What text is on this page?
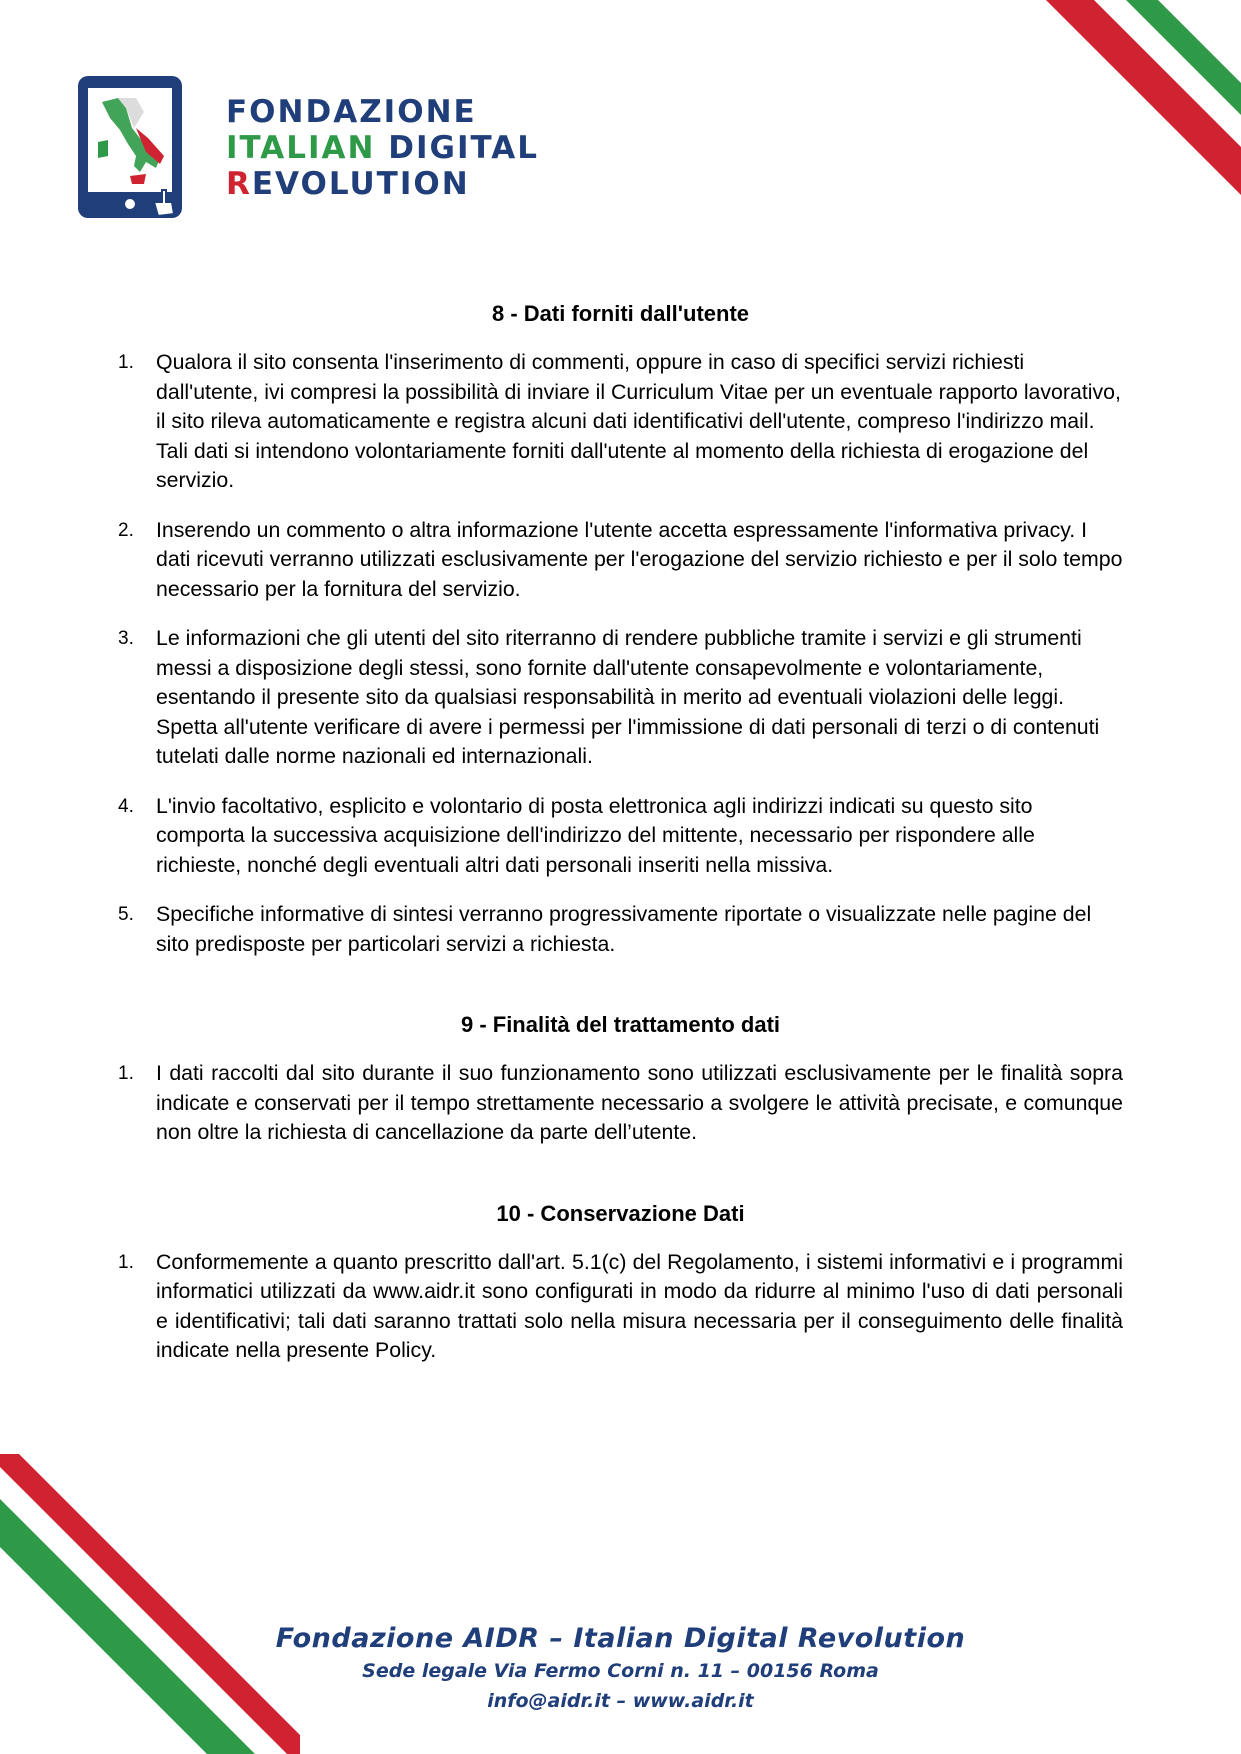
FONDAZIONE
ITALIAN DIGITAL
REVOLUTION
8 - Dati forniti dall'utente
1.	Qualora il sito consenta l'inserimento di commenti, oppure in caso di specifici servizi richiesti dall'utente, ivi compresi la possibilità di inviare il Curriculum Vitae per un eventuale rapporto lavorativo, il sito rileva automaticamente e registra alcuni dati identificativi dell'utente, compreso l'indirizzo mail. Tali dati si intendono volontariamente forniti dall'utente al momento della richiesta di erogazione del servizio.
2.	Inserendo un commento o altra informazione l'utente accetta espressamente l'informativa privacy. I dati ricevuti verranno utilizzati esclusivamente per l'erogazione del servizio richiesto e per il solo tempo necessario per la fornitura del servizio.
3.	Le informazioni che gli utenti del sito riterranno di rendere pubbliche tramite i servizi e gli strumenti messi a disposizione degli stessi, sono fornite dall'utente consapevolmente e volontariamente, esentando il presente sito da qualsiasi responsabilità in merito ad eventuali violazioni delle leggi. Spetta all'utente verificare di avere i permessi per l'immissione di dati personali di terzi o di contenuti tutelati dalle norme nazionali ed internazionali.
4.	L'invio facoltativo, esplicito e volontario di posta elettronica agli indirizzi indicati su questo sito comporta la successiva acquisizione dell'indirizzo del mittente, necessario per rispondere alle richieste, nonché degli eventuali altri dati personali inseriti nella missiva.
5.	Specifiche informative di sintesi verranno progressivamente riportate o visualizzate nelle pagine del sito predisposte per particolari servizi a richiesta.
9 - Finalità del trattamento dati
1.	I dati raccolti dal sito durante il suo funzionamento sono utilizzati esclusivamente per le finalità sopra indicate e conservati per il tempo strettamente necessario a svolgere le attività precisate, e comunque non oltre la richiesta di cancellazione da parte dell’utente.
10 - Conservazione Dati
1.	Conformemente a quanto prescritto dall'art. 5.1(c) del Regolamento, i sistemi informativi e i programmi informatici utilizzati da www.aidr.it sono configurati in modo da ridurre al minimo l'uso di dati personali e identificativi; tali dati saranno trattati solo nella misura necessaria per il conseguimento delle finalità indicate nella presente Policy.
Fondazione AIDR – Italian Digital Revolution
Sede legale Via Fermo Corni n. 11 – 00156 Roma
info@aidr.it – www.aidr.it
